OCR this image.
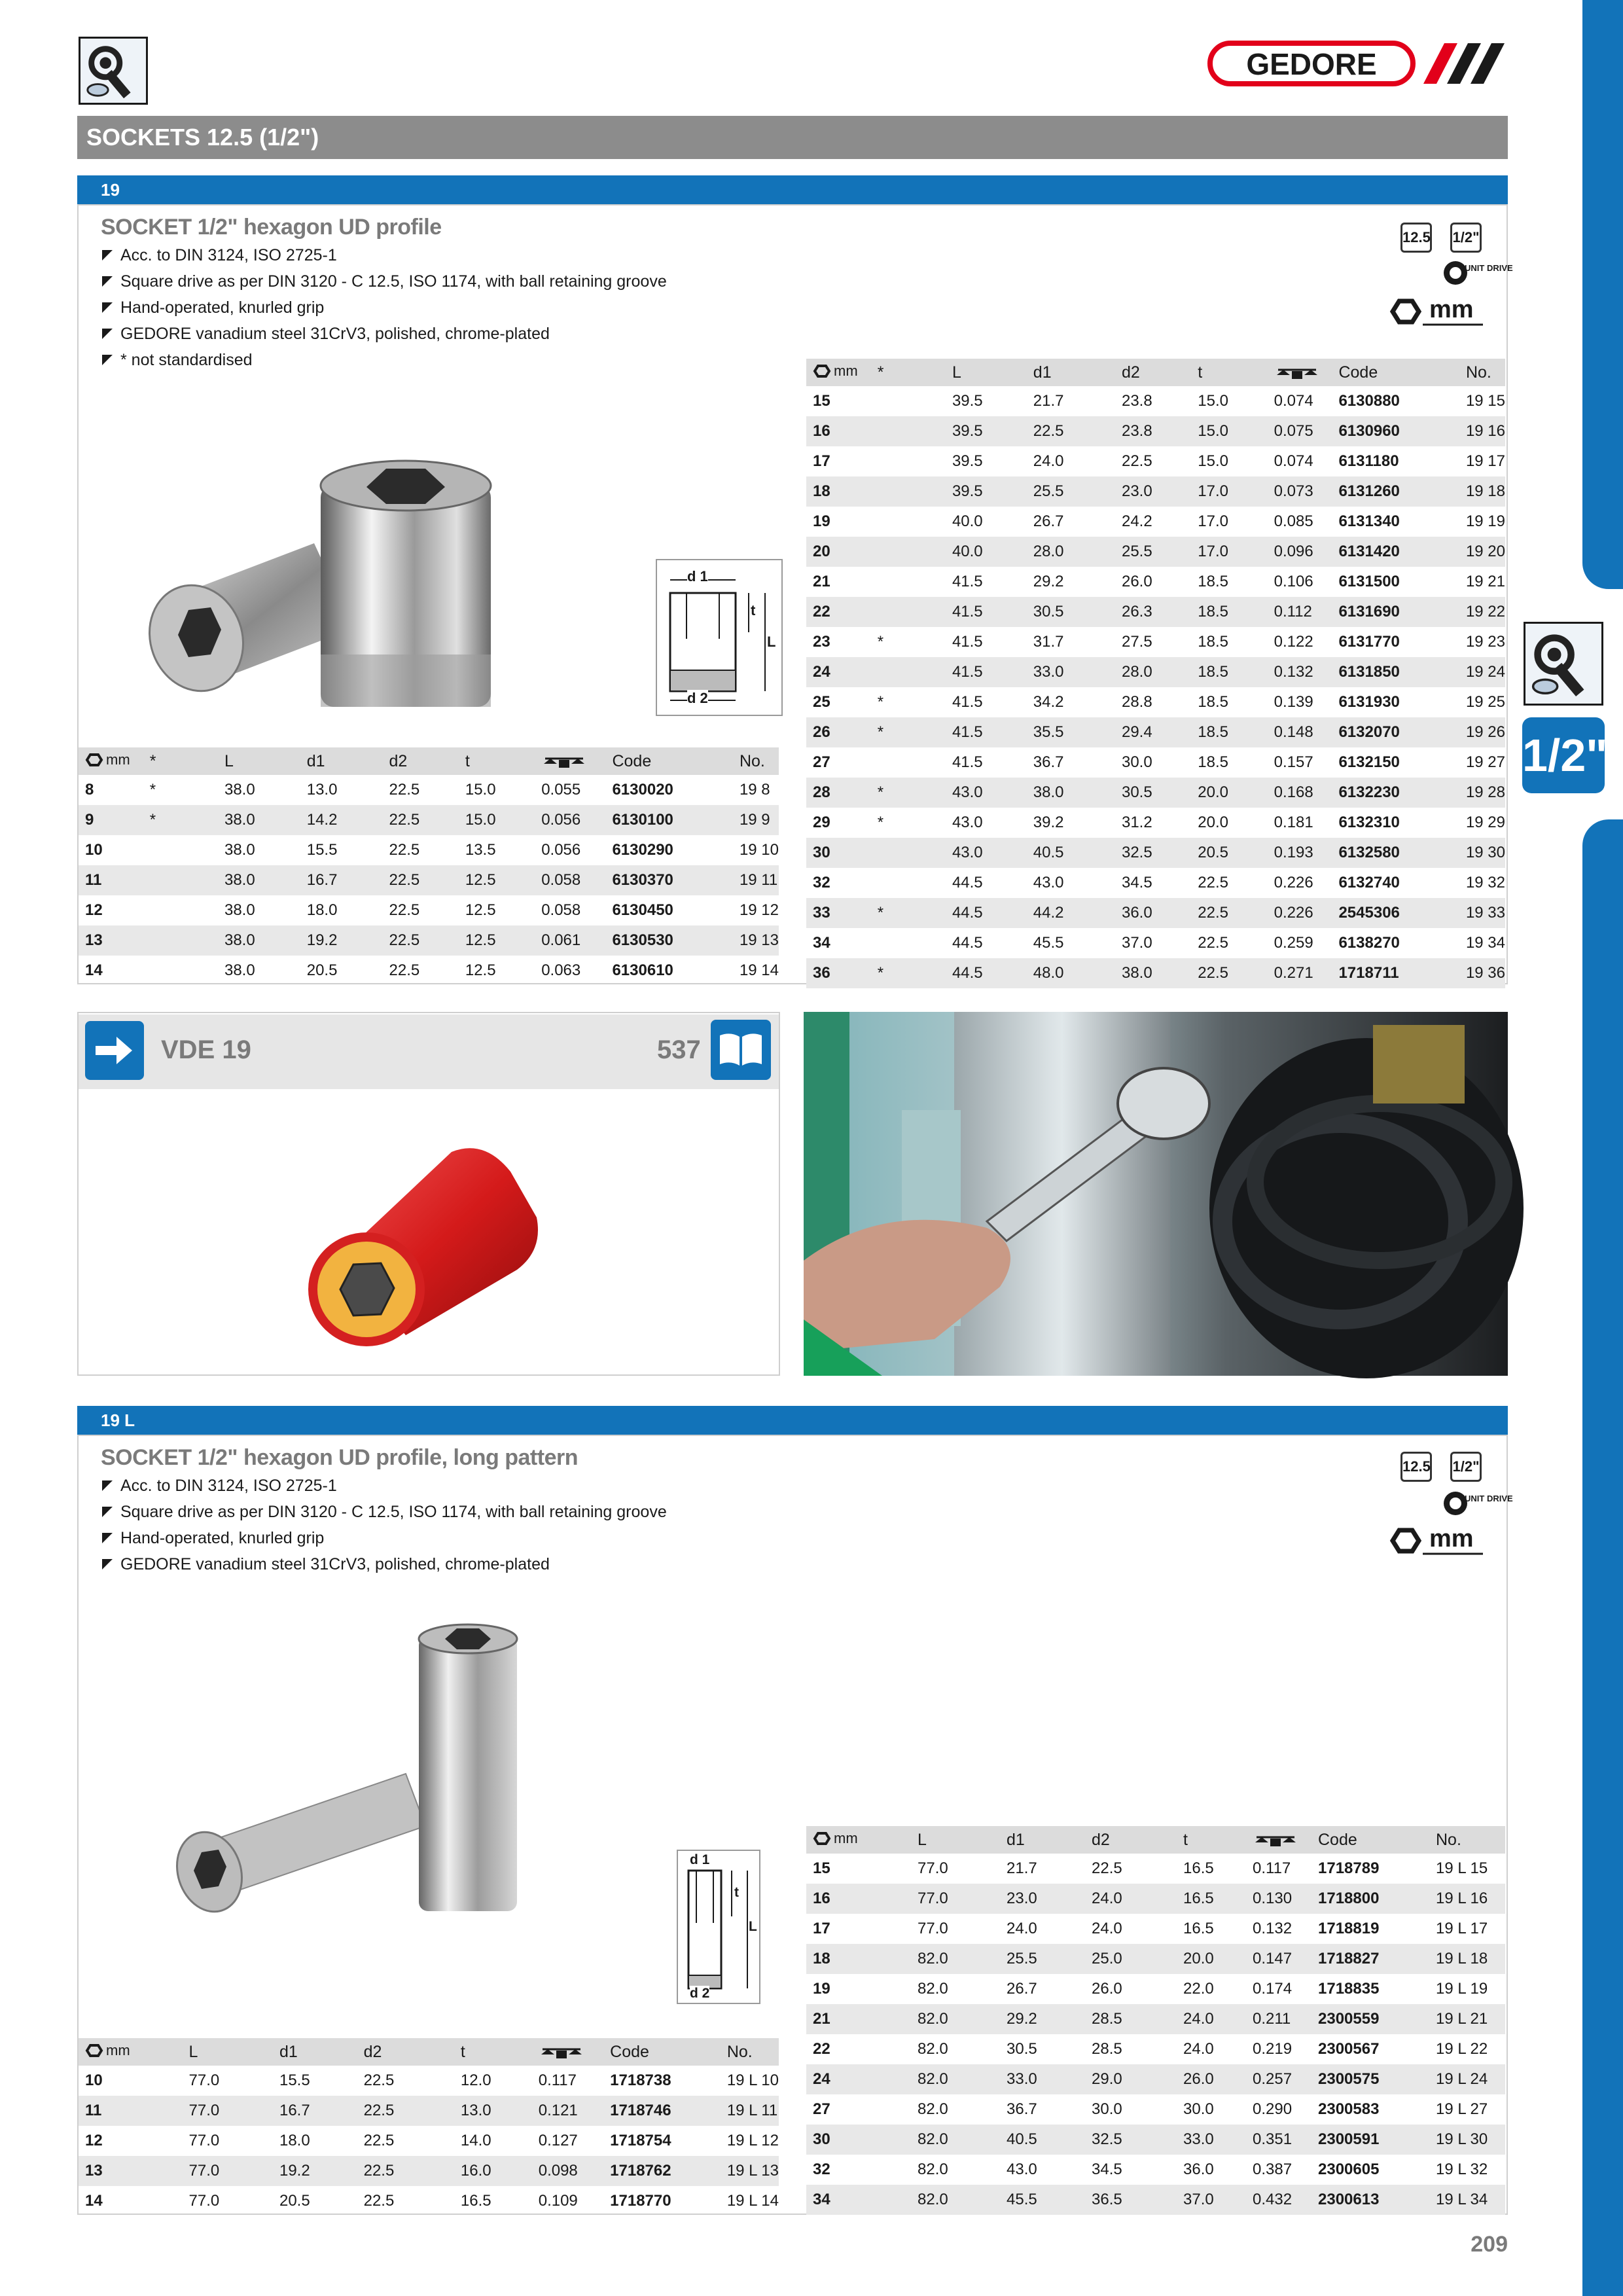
1/2"
GEDORE
SOCKETS 12.5 (1/2")
19
SOCKET 1/2" hexagon UD profile
Acc. to DIN 3124, ISO 2725-1
Square drive as per DIN 3120 - C 12.5, ISO 1174, with ball retaining groove
Hand-operated, knurled grip
GEDORE vanadium steel 31CrV3, polished, chrome-plated
* not standardised
12.5 1/2"
UNIT DRIVE
mm
d 1
t
L
d 2
mm	*	L	d1	d2	t		Code	No.
8	*	38.0	13.0	22.5	15.0	0.055	6130020	19 8
9	*	38.0	14.2	22.5	15.0	0.056	6130100	19 9
10		38.0	15.5	22.5	13.5	0.056	6130290	19 10
11		38.0	16.7	22.5	12.5	0.058	6130370	19 11
12		38.0	18.0	22.5	12.5	0.058	6130450	19 12
13		38.0	19.2	22.5	12.5	0.061	6130530	19 13
14		38.0	20.5	22.5	12.5	0.063	6130610	19 14
mm	*	L	d1	d2	t		Code	No.
15		39.5	21.7	23.8	15.0	0.074	6130880	19 15
16		39.5	22.5	23.8	15.0	0.075	6130960	19 16
17		39.5	24.0	22.5	15.0	0.074	6131180	19 17
18		39.5	25.5	23.0	17.0	0.073	6131260	19 18
19		40.0	26.7	24.2	17.0	0.085	6131340	19 19
20		40.0	28.0	25.5	17.0	0.096	6131420	19 20
21		41.5	29.2	26.0	18.5	0.106	6131500	19 21
22		41.5	30.5	26.3	18.5	0.112	6131690	19 22
23	*	41.5	31.7	27.5	18.5	0.122	6131770	19 23
24		41.5	33.0	28.0	18.5	0.132	6131850	19 24
25	*	41.5	34.2	28.8	18.5	0.139	6131930	19 25
26	*	41.5	35.5	29.4	18.5	0.148	6132070	19 26
27		41.5	36.7	30.0	18.5	0.157	6132150	19 27
28	*	43.0	38.0	30.5	20.0	0.168	6132230	19 28
29	*	43.0	39.2	31.2	20.0	0.181	6132310	19 29
30		43.0	40.5	32.5	20.5	0.193	6132580	19 30
32		44.5	43.0	34.5	22.5	0.226	6132740	19 32
33	*	44.5	44.2	36.0	22.5	0.226	2545306	19 33
34		44.5	45.5	37.0	22.5	0.259	6138270	19 34
36	*	44.5	48.0	38.0	22.5	0.271	1718711	19 36
VDE 19	537
19 L
SOCKET 1/2" hexagon UD profile, long pattern
Acc. to DIN 3124, ISO 2725-1
Square drive as per DIN 3120 - C 12.5, ISO 1174, with ball retaining groove
Hand-operated, knurled grip
GEDORE vanadium steel 31CrV3, polished, chrome-plated
12.5 1/2"
UNIT DRIVE
mm
d 1
t
L
d 2
mm	L	d1	d2	t		Code	No.
10	77.0	15.5	22.5	12.0	0.117	1718738	19 L 10
11	77.0	16.7	22.5	13.0	0.121	1718746	19 L 11
12	77.0	18.0	22.5	14.0	0.127	1718754	19 L 12
13	77.0	19.2	22.5	16.0	0.098	1718762	19 L 13
14	77.0	20.5	22.5	16.5	0.109	1718770	19 L 14
mm	L	d1	d2	t		Code	No.
15	77.0	21.7	22.5	16.5	0.117	1718789	19 L 15
16	77.0	23.0	24.0	16.5	0.130	1718800	19 L 16
17	77.0	24.0	24.0	16.5	0.132	1718819	19 L 17
18	82.0	25.5	25.0	20.0	0.147	1718827	19 L 18
19	82.0	26.7	26.0	22.0	0.174	1718835	19 L 19
21	82.0	29.2	28.5	24.0	0.211	2300559	19 L 21
22	82.0	30.5	28.5	24.0	0.219	2300567	19 L 22
24	82.0	33.0	29.0	26.0	0.257	2300575	19 L 24
27	82.0	36.7	30.0	30.0	0.290	2300583	19 L 27
30	82.0	40.5	32.5	33.0	0.351	2300591	19 L 30
32	82.0	43.0	34.5	36.0	0.387	2300605	19 L 32
34	82.0	45.5	36.5	37.0	0.432	2300613	19 L 34
209
